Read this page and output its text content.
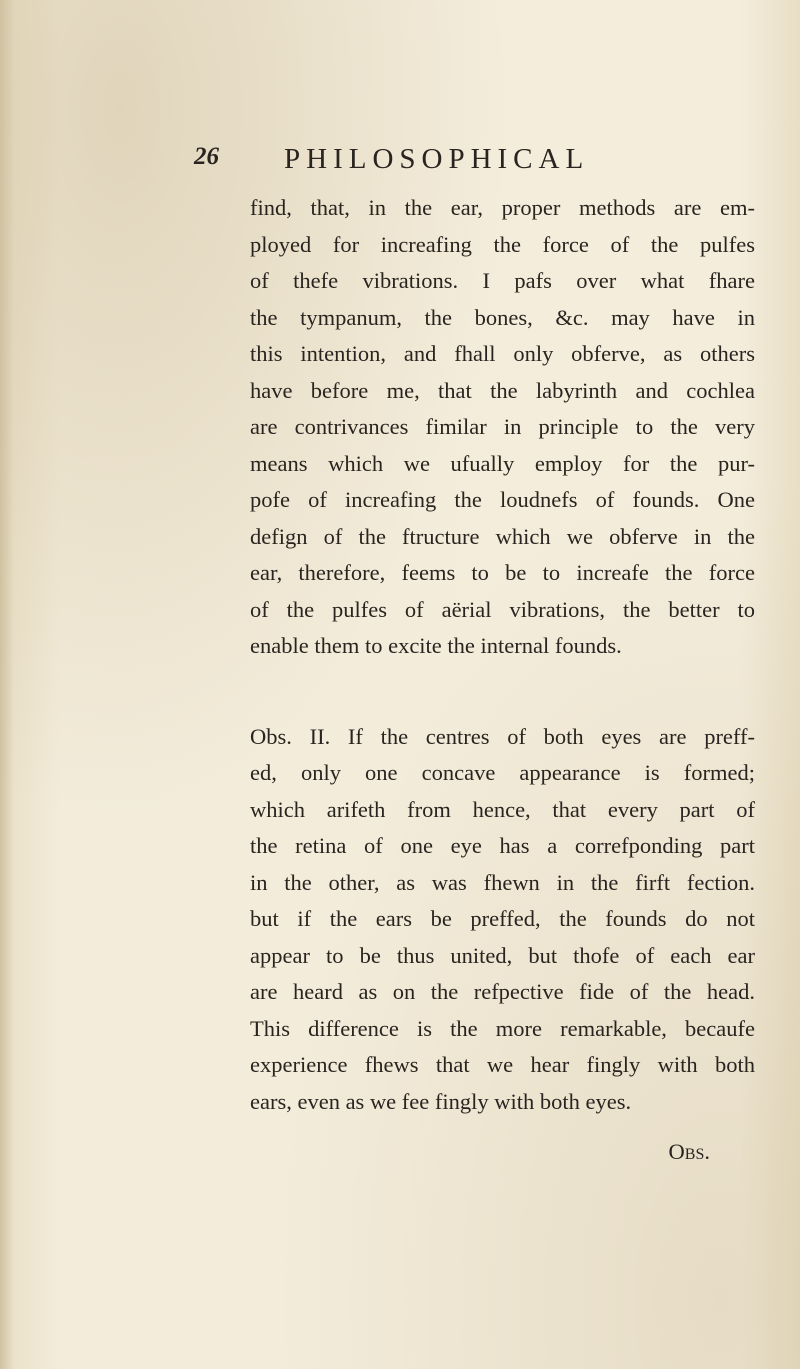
26 PHILOSOPHICAL
find, that, in the ear, proper methods are em-
ployed for increafing the force of the pulfes
of thefe vibrations. I pafs over what fhare
the tympanum, the bones, &c. may have in
this intention, and fhall only obferve, as others
have before me, that the labyrinth and cochlea
are contrivances fimilar in principle to the very
means which we ufually employ for the pur-
pofe of increafing the loudnefs of founds. One
defign of the ftructure which we obferve in the
ear, therefore, feems to be to increafe the force
of the pulfes of aërial vibrations, the better to
enable them to excite the internal founds.
Obs. II. If the centres of both eyes are preff-
ed, only one concave appearance is formed;
which arifeth from hence, that every part of
the retina of one eye has a correfponding part
in the other, as was fhewn in the firft fection.
but if the ears be preffed, the founds do not
appear to be thus united, but thofe of each ear
are heard as on the refpective fide of the head.
This difference is the more remarkable, becaufe
experience fhews that we hear fingly with both
ears, even as we fee fingly with both eyes.
Obs.
